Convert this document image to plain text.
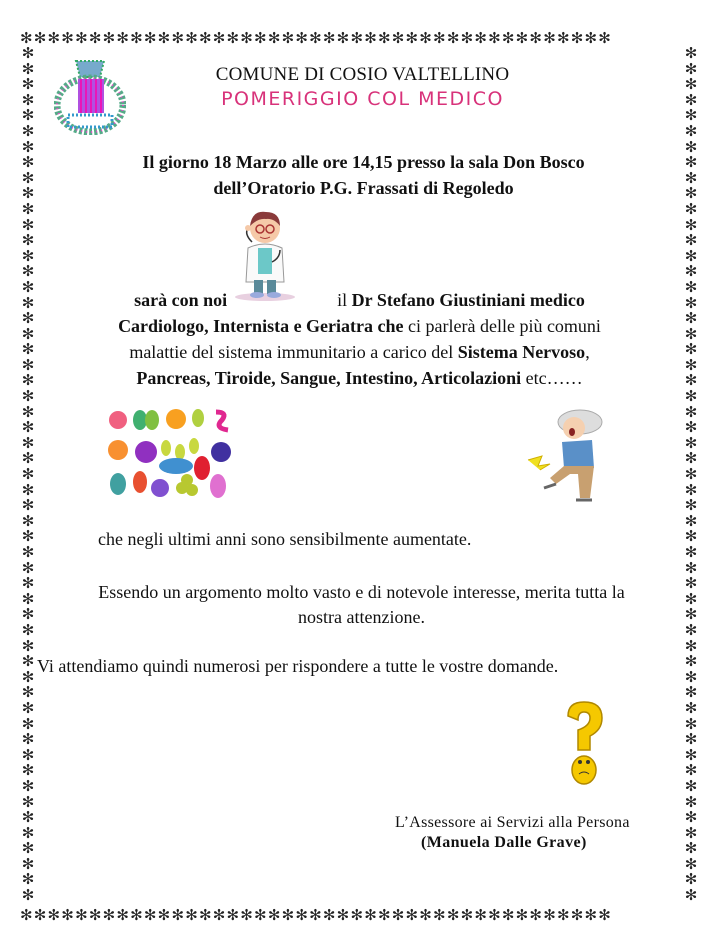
✻✻✻✻✻✻✻✻✻✻✻✻✻✻✻✻✻✻✻✻✻✻✻✻✻✻✻✻✻✻✻✻✻✻✻✻✻✻✻✻✻✻✻
✻✻✻✻✻✻✻✻✻✻✻✻✻✻✻✻✻✻✻✻✻✻✻✻✻✻✻✻✻✻✻✻✻✻✻✻✻✻✻✻✻✻✻
✻✻✻✻✻✻✻✻✻✻✻✻✻✻✻✻✻✻✻✻✻✻✻✻✻✻✻✻✻✻✻✻✻✻✻✻✻✻✻✻✻✻✻✻✻✻✻✻✻✻✻✻✻✻✻
✻✻✻✻✻✻✻✻✻✻✻✻✻✻✻✻✻✻✻✻✻✻✻✻✻✻✻✻✻✻✻✻✻✻✻✻✻✻✻✻✻✻✻✻✻✻✻✻✻✻✻✻✻✻✻
COMUNE DI COSIO VALTELLINO
POMERIGGIO COL MEDICO
Il giorno 18 Marzo alle ore 14,15 presso la sala Don Bosco
dell’Oratorio P.G. Frassati di Regoledo
sarà con noi	il Dr Stefano Giustiniani medico
Cardiologo, Internista e Geriatra che ci parlerà delle più comuni
malattie del sistema immunitario a carico del Sistema Nervoso,
Pancreas, Tiroide, Sangue, Intestino, Articolazioni etc……
che negli ultimi anni sono sensibilmente aumentate.
Essendo un argomento molto vasto e di notevole interesse, merita tutta la
nostra attenzione.
Vi attendiamo quindi numerosi per rispondere a tutte le vostre domande.
L’Assessore ai Servizi alla Persona
(Manuela Dalle Grave)
